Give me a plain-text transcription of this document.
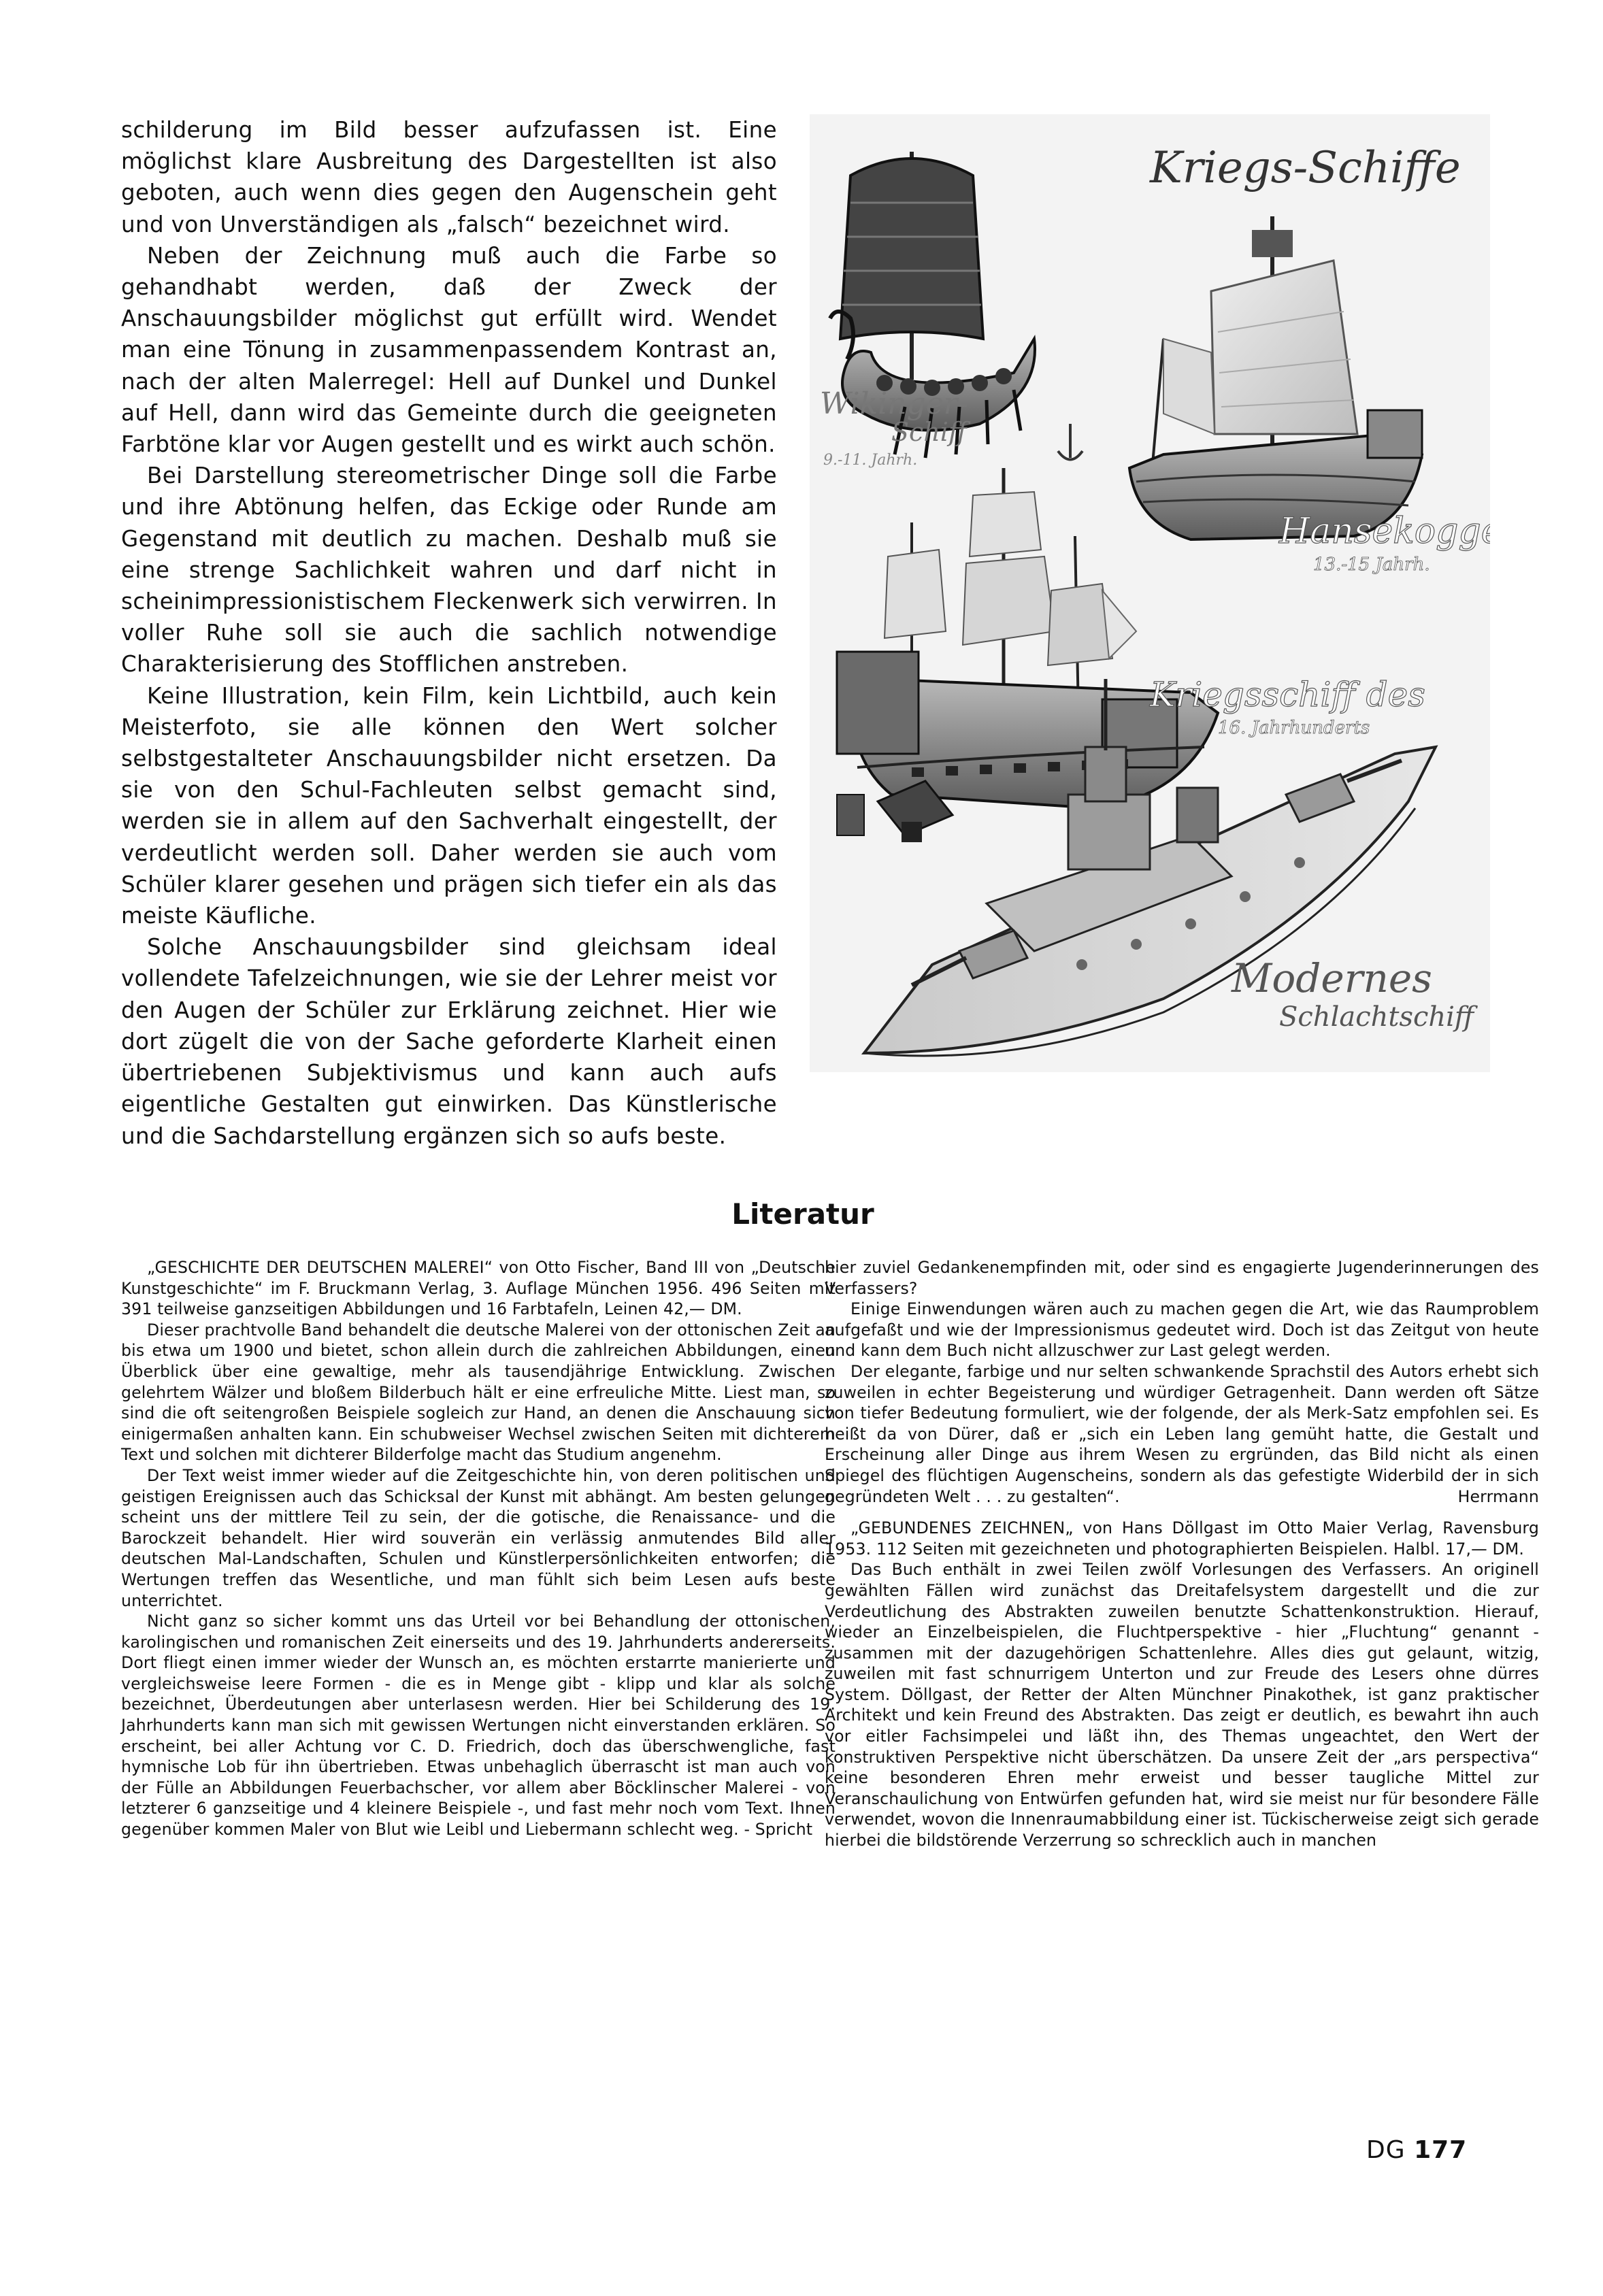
schilderung im Bild besser aufzufassen ist. Eine möglichst klare Ausbreitung des Dargestellten ist also geboten, auch wenn dies gegen den Augenschein geht und von Unverständigen als „falsch“ bezeichnet wird.

Neben der Zeichnung muß auch die Farbe so gehandhabt werden, daß der Zweck der Anschauungsbilder möglichst gut erfüllt wird. Wendet man eine Tönung in zusammenpassendem Kontrast an, nach der alten Malerregel: Hell auf Dunkel und Dunkel auf Hell, dann wird das Gemeinte durch die geeigneten Farbtöne klar vor Augen gestellt und es wirkt auch schön.

Bei Darstellung stereometrischer Dinge soll die Farbe und ihre Abtönung helfen, das Eckige oder Runde am Gegenstand mit deutlich zu machen. Deshalb muß sie eine strenge Sachlichkeit wahren und darf nicht in scheinimpressionistischem Fleckenwerk sich verwirren. In voller Ruhe soll sie auch die sachlich notwendige Charakterisierung des Stofflichen anstreben.

Keine Illustration, kein Film, kein Lichtbild, auch kein Meisterfoto, sie alle können den Wert solcher selbstgestalteter Anschauungsbilder nicht ersetzen. Da sie von den Schul-Fachleuten selbst gemacht sind, werden sie in allem auf den Sachverhalt eingestellt, der verdeutlicht werden soll. Daher werden sie auch vom Schüler klarer gesehen und prägen sich tiefer ein als das meiste Käufliche.

Solche Anschauungsbilder sind gleichsam ideal vollendete Tafelzeichnungen, wie sie der Lehrer meist vor den Augen der Schüler zur Erklärung zeichnet. Hier wie dort zügelt die von der Sache geforderte Klarheit einen übertriebenen Subjektivismus und kann auch aufs eigentliche Gestalten gut einwirken. Das Künstlerische und die Sachdarstellung ergänzen sich so aufs beste.

Kriegs-Schiffe
Wikinger-
Schiff
9.-11. Jahrh.
Hansekogge
13.-15 Jahrh.
Kriegsschiff des
16. Jahrhunderts
Modernes
Schlachtschiff
Literatur

„GESCHICHTE DER DEUTSCHEN MALEREI“ von Otto Fischer, Band III von „Deutsche Kunstgeschichte“ im F. Bruckmann Verlag, 3. Auflage München 1956. 496 Seiten mit 391 teilweise ganzseitigen Abbildungen und 16 Farbtafeln, Leinen 42,— DM.

Dieser prachtvolle Band behandelt die deutsche Malerei von der ottonischen Zeit an bis etwa um 1900 und bietet, schon allein durch die zahlreichen Abbildungen, einen Überblick über eine gewaltige, mehr als tausendjährige Entwicklung. Zwischen gelehrtem Wälzer und bloßem Bilderbuch hält er eine erfreuliche Mitte. Liest man, so sind die oft seitengroßen Beispiele sogleich zur Hand, an denen die Anschauung sich einigermaßen anhalten kann. Ein schubweiser Wechsel zwischen Seiten mit dichterem Text und solchen mit dichterer Bilderfolge macht das Studium angenehm.

Der Text weist immer wieder auf die Zeitgeschichte hin, von deren politischen und geistigen Ereignissen auch das Schicksal der Kunst mit abhängt. Am besten gelungen scheint uns der mittlere Teil zu sein, der die gotische, die Renaissance- und die Barockzeit behandelt. Hier wird souverän ein verlässig anmutendes Bild aller deutschen Mal-Landschaften, Schulen und Künstlerpersönlichkeiten entworfen; die Wertungen treffen das Wesentliche, und man fühlt sich beim Lesen aufs beste unterrichtet.

Nicht ganz so sicher kommt uns das Urteil vor bei Behandlung der ottonischen, karolingischen und romanischen Zeit einerseits und des 19. Jahrhunderts andererseits. Dort fliegt einen immer wieder der Wunsch an, es möchten erstarrte manierierte und vergleichsweise leere Formen - die es in Menge gibt - klipp und klar als solche bezeichnet, Überdeutungen aber unterlasesn werden. Hier bei Schilderung des 19. Jahrhunderts kann man sich mit gewissen Wertungen nicht einverstanden erklären. So erscheint, bei aller Achtung vor C. D. Friedrich, doch das überschwengliche, fast hymnische Lob für ihn übertrieben. Etwas unbehaglich überrascht ist man auch von der Fülle an Abbildungen Feuerbachscher, vor allem aber Böcklinscher Malerei - von letzterer 6 ganzseitige und 4 kleinere Beispiele -, und fast mehr noch vom Text. Ihnen gegenüber kommen Maler von Blut wie Leibl und Liebermann schlecht weg. - Spricht

hier zuviel Gedankenempfinden mit, oder sind es engagierte Jugenderinnerungen des Verfassers?

Einige Einwendungen wären auch zu machen gegen die Art, wie das Raumproblem aufgefaßt und wie der Impressionismus gedeutet wird. Doch ist das Zeitgut von heute und kann dem Buch nicht allzuschwer zur Last gelegt werden.

Der elegante, farbige und nur selten schwankende Sprachstil des Autors erhebt sich zuweilen in echter Begeisterung und würdiger Getragenheit. Dann werden oft Sätze von tiefer Bedeutung formuliert, wie der folgende, der als Merk-Satz empfohlen sei. Es heißt da von Dürer, daß er „sich ein Leben lang gemüht hatte, die Gestalt und Erscheinung aller Dinge aus ihrem Wesen zu ergründen, das Bild nicht als einen Spiegel des flüchtigen Augenscheins, sondern als das gefestigte Widerbild der in sich gegründeten Welt . . . zu gestalten“.	Herrmann

„GEBUNDENES ZEICHNEN„ von Hans Döllgast im Otto Maier Verlag, Ravensburg 1953. 112 Seiten mit gezeichneten und photographierten Beispielen. Halbl. 17,— DM.

Das Buch enthält in zwei Teilen zwölf Vorlesungen des Verfassers. An originell gewählten Fällen wird zunächst das Dreitafelsystem dargestellt und die zur Verdeutlichung des Abstrakten zuweilen benutzte Schattenkonstruktion. Hierauf, wieder an Einzelbeispielen, die Fluchtperspektive - hier „Fluchtung“ genannt - zusammen mit der dazugehörigen Schattenlehre. Alles dies gut gelaunt, witzig, zuweilen mit fast schnurrigem Unterton und zur Freude des Lesers ohne dürres System. Döllgast, der Retter der Alten Münchner Pinakothek, ist ganz praktischer Architekt und kein Freund des Abstrakten. Das zeigt er deutlich, es bewahrt ihn auch vor eitler Fachsimpelei und läßt ihn, des Themas ungeachtet, den Wert der konstruktiven Perspektive nicht überschätzen. Da unsere Zeit der „ars perspectiva“ keine besonderen Ehren mehr erweist und besser taugliche Mittel zur Veranschaulichung von Entwürfen gefunden hat, wird sie meist nur für besondere Fälle verwendet, wovon die Innenraumabbildung einer ist. Tückischerweise zeigt sich gerade hierbei die bildstörende Verzerrung so schrecklich auch in manchen

DG 177
